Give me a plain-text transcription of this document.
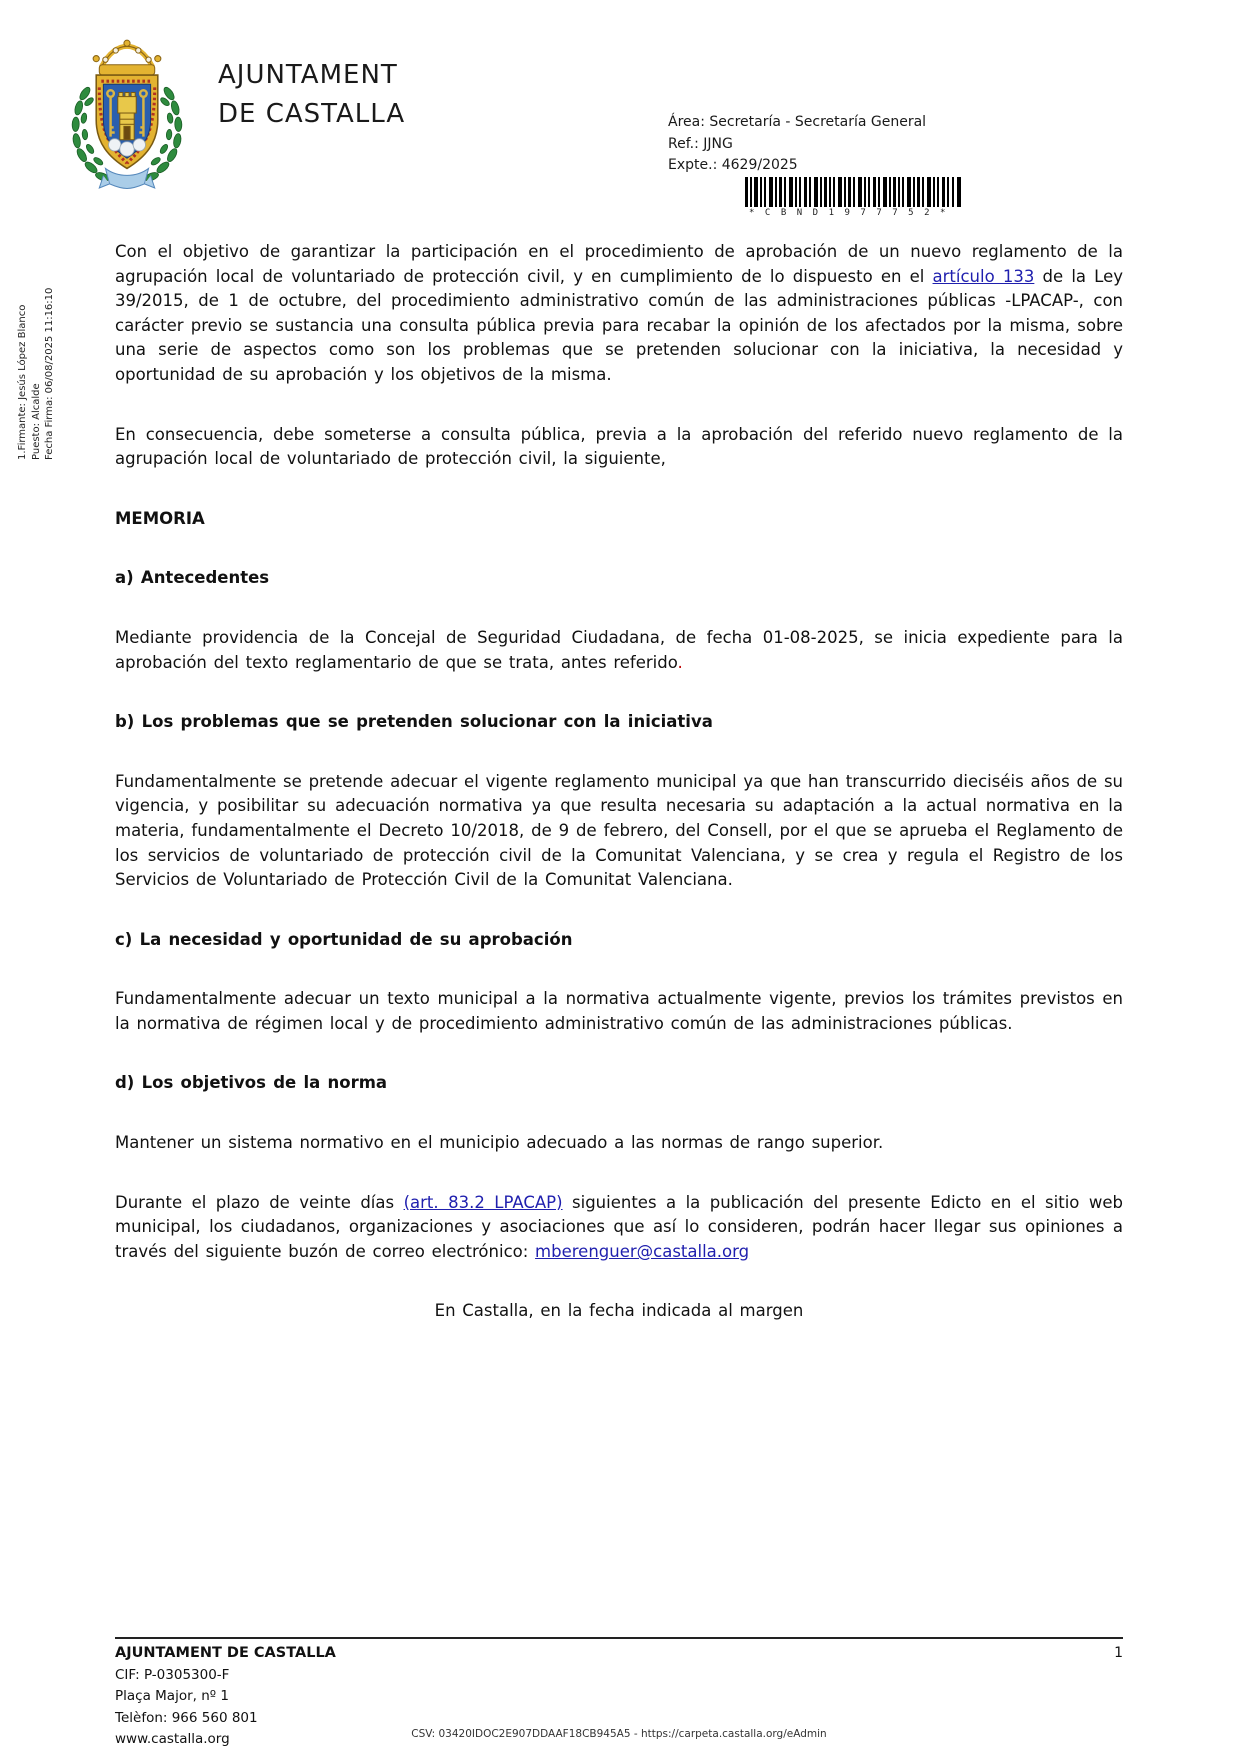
AJUNTAMENT
DE CASTALLA	Área: Secretaría - Secretaría General
Ref.: JJNG
Expte.: 4629/2025
*CBND1977752*
1.Firmante: Jesús López Blanco Puesto: Alcalde Fecha Firma: 06/08/2025 11:16:10

Con el objetivo de garantizar la participación en el procedimiento de aprobación de un nuevo reglamento de la agrupación local de voluntariado de protección civil, y en cumplimiento de lo dispuesto en el artículo 133 de la Ley 39/2015, de 1 de octubre, del procedimiento administrativo común de las administraciones públicas -LPACAP-, con carácter previo se sustancia una consulta pública previa para recabar la opinión de los afectados por la misma, sobre una serie de aspectos como son los problemas que se pretenden solucionar con la iniciativa, la necesidad y oportunidad de su aprobación y los objetivos de la misma.

En consecuencia, debe someterse a consulta pública, previa a la aprobación del referido nuevo reglamento de la agrupación local de voluntariado de protección civil, la siguiente,

MEMORIA
a) Antecedentes

Mediante providencia de la Concejal de Seguridad Ciudadana, de fecha 01-08-2025, se inicia expediente para la aprobación del texto reglamentario de que se trata, antes referido.

b) Los problemas que se pretenden solucionar con la iniciativa

Fundamentalmente se pretende adecuar el vigente reglamento municipal ya que han transcurrido dieciséis años de su vigencia, y posibilitar su adecuación normativa ya que resulta necesaria su adaptación a la actual normativa en la materia, fundamentalmente el Decreto 10/2018, de 9 de febrero, del Consell, por el que se aprueba el Reglamento de los servicios de voluntariado de protección civil de la Comunitat Valenciana, y se crea y regula el Registro de los Servicios de Voluntariado de Protección Civil de la Comunitat Valenciana.

c) La necesidad y oportunidad de su aprobación

Fundamentalmente adecuar un texto municipal a la normativa actualmente vigente, previos los trámites previstos en la normativa de régimen local y de procedimiento administrativo común de las administraciones públicas.

d) Los objetivos de la norma

Mantener un sistema normativo en el municipio adecuado a las normas de rango superior.

Durante el plazo de veinte días (art. 83.2 LPACAP) siguientes a la publicación del presente Edicto en el sitio web municipal, los ciudadanos, organizaciones y asociaciones que así lo consideren, podrán hacer llegar sus opiniones a través del siguiente buzón de correo electrónico: mberenguer@castalla.org

En Castalla, en la fecha indicada al margen

AJUNTAMENT DE CASTALLA	1
CIF: P-0305300-F
Plaça Major, nº 1
Telèfon: 966 560 801
www.castalla.org	CSV: 03420IDOC2E907DDAAF18CB945A5 - https://carpeta.castalla.org/eAdmin
